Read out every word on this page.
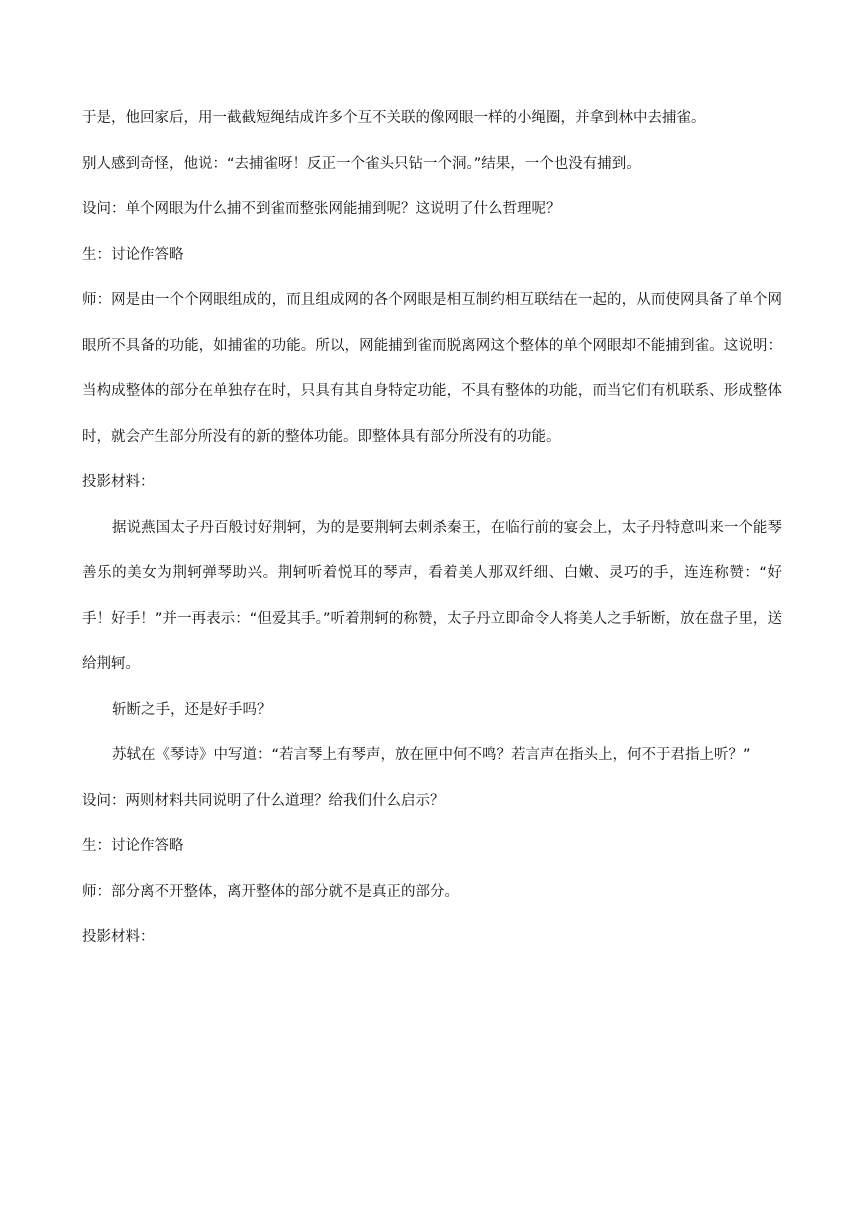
于是，他回家后，用一截截短绳结成许多个互不关联的像网眼一样的小绳圈，并拿到林中去捕雀。

别人感到奇怪，他说：“去捕雀呀！反正一个雀头只钻一个洞。”结果，一个也没有捕到。

设问：单个网眼为什么捕不到雀而整张网能捕到呢？这说明了什么哲理呢？

生：讨论作答略

师：网是由一个个网眼组成的，而且组成网的各个网眼是相互制约相互联结在一起的，从而使网具备了单个网眼所不具备的功能，如捕雀的功能。所以，网能捕到雀而脱离网这个整体的单个网眼却不能捕到雀。这说明：当构成整体的部分在单独存在时，只具有其自身特定功能，不具有整体的功能，而当它们有机联系、形成整体时，就会产生部分所没有的新的整体功能。即整体具有部分所没有的功能。

投影材料：

据说燕国太子丹百般讨好荆轲，为的是要荆轲去刺杀秦王，在临行前的宴会上，太子丹特意叫来一个能琴善乐的美女为荆轲弹琴助兴。荆轲听着悦耳的琴声，看着美人那双纤细、白嫩、灵巧的手，连连称赞：“好手！好手！”并一再表示：“但爱其手。”听着荆轲的称赞，太子丹立即命令人将美人之手斩断，放在盘子里，送给荆轲。

斩断之手，还是好手吗？

苏轼在《琴诗》中写道：“若言琴上有琴声，放在匣中何不鸣？若言声在指头上，何不于君指上听？”

设问：两则材料共同说明了什么道理？给我们什么启示？

生：讨论作答略

师：部分离不开整体，离开整体的部分就不是真正的部分。

投影材料：
